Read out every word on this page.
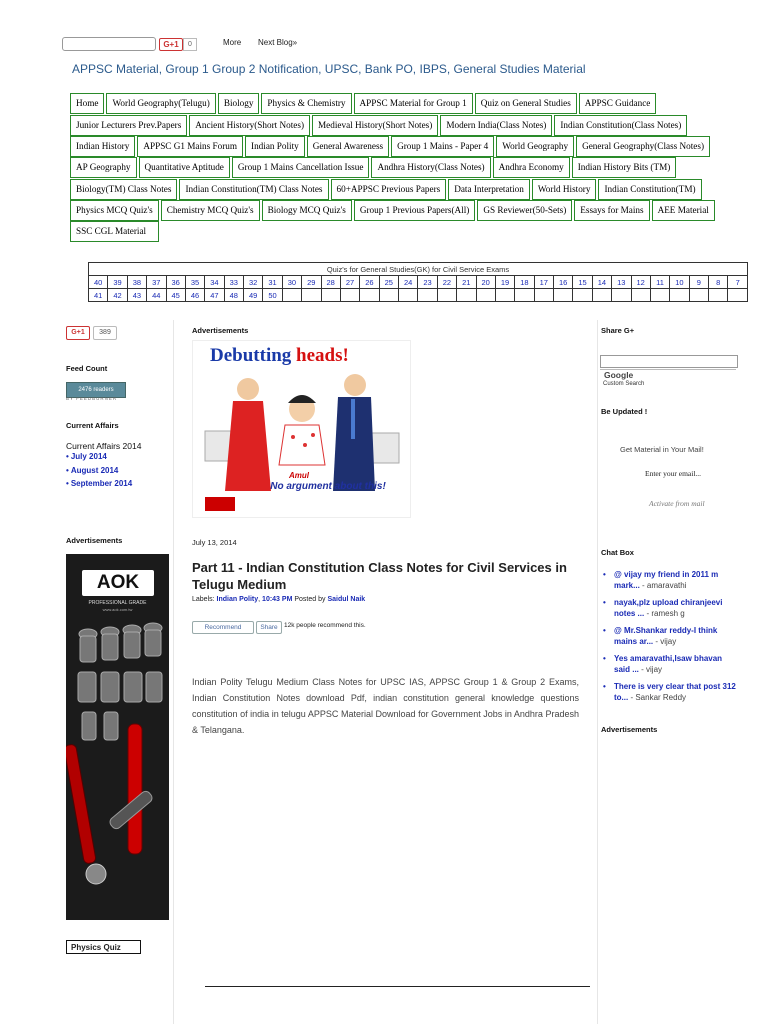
G+1	0	More Next Blog»
APPSC Material, Group 1 Group 2 Notification, UPSC, Bank PO, IBPS, General Studies Material
Home	World Geography(Telugu)	Biology	Physics & Chemistry	APPSC Material for Group 1	Quiz on General Studies	APPSC Guidance
Junior Lecturers Prev.Papers	Ancient History(Short Notes)	Medieval History(Short Notes)	Modern India(Class Notes)	Indian Constitution(Class Notes)
Indian History	APPSC G1 Mains Forum	Indian Polity	General Awareness	Group 1 Mains - Paper 4	World Geography	General Geography(Class Notes)
AP Geography	Quantitative Aptitude	Group 1 Mains Cancellation Issue	Andhra History(Class Notes)	Andhra Economy	Indian History Bits (TM)
Biology(TM) Class Notes	Indian Constitution(TM) Class Notes	60+APPSC Previous Papers	Data Interpretation	World History	Indian Constitution(TM)
Physics MCQ Quiz's	Chemistry MCQ Quiz's	Biology MCQ Quiz's	Group 1 Previous Papers(All)	GS Reviewer(50-Sets)	Essays for Mains	AEE Material
SSC CGL Material
Quiz's for General Studies(GK) for Civil Service Exams																																	
40	39	38	37	36	35	34	33	32	31	30	29	28	27	26	25	24	23	22	21	20	19	18	17	16	15	14	13	12	11	10	9	8	7
41	42	43	44	45	46	47	48	49	50																								
G+1	389
Feed Count
2476 readers
BY FEEDBURNER
Current Affairs
Current Affairs 2014
• July 2014
• August 2014
• September 2014
Advertisements
AOK
PROFESSIONAL GRADE
www.aok.com.tw
Physics Quiz
Advertisements
Debutting heads!
Amul
No argument about this!
July 13, 2014
Part 11 - Indian Constitution Class Notes for Civil Services in Telugu Medium
Labels: Indian Polity, 10:43 PM Posted by Saidul Naik
Recommend	Share 12k people recommend this.
Indian Polity Telugu Medium Class Notes for UPSC IAS, APPSC Group 1 & Group 2 Exams, Indian Constitution Notes download Pdf, indian constitution general knowledge questions constitution of india in telugu APPSC Material Download for Government Jobs in Andhra Pradesh & Telangana.
Share G+
Google
Custom Search
Be Updated !
Get Material in Your Mail!
Enter your email...
Activate from mail
Chat Box
• @ vijay my friend in 2011 m mark... - amaravathi
• nayak,plz upload chiranjeevi notes ... - ramesh g
• @ Mr.Shankar reddy-I think mains ar... - vijay
• Yes amaravathi,Isaw bhavan said ... - vijay
• There is very clear that post 312 to... - Sankar Reddy
Advertisements
